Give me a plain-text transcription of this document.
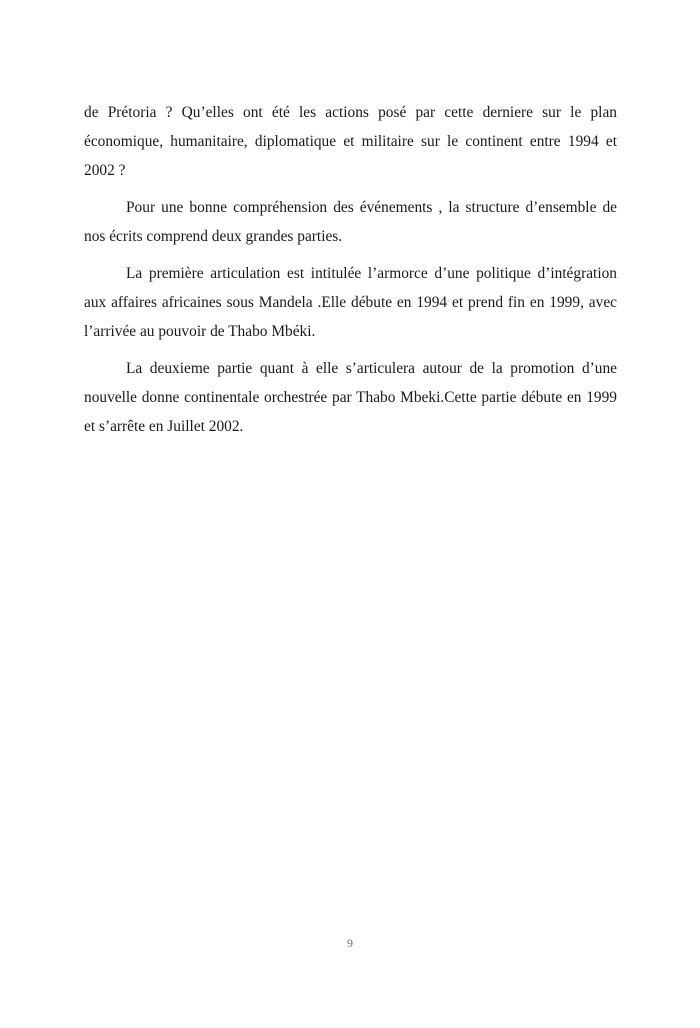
de Prétoria ? Qu’elles ont été les actions posé par cette derniere sur le plan économique, humanitaire, diplomatique et militaire sur le continent entre 1994 et 2002 ?

Pour une bonne compréhension des événements , la structure d’ensemble de nos écrits comprend deux grandes parties.

La première articulation est intitulée l’armorce d’une politique d’intégration aux affaires africaines sous Mandela .Elle débute en 1994 et prend fin en 1999, avec l’arrivée au pouvoir de Thabo Mbéki.

La deuxieme partie quant à elle s’articulera autour de la promotion d’une nouvelle donne continentale orchestrée par Thabo Mbeki.Cette partie débute en 1999 et s’arrête en Juillet 2002.

9
